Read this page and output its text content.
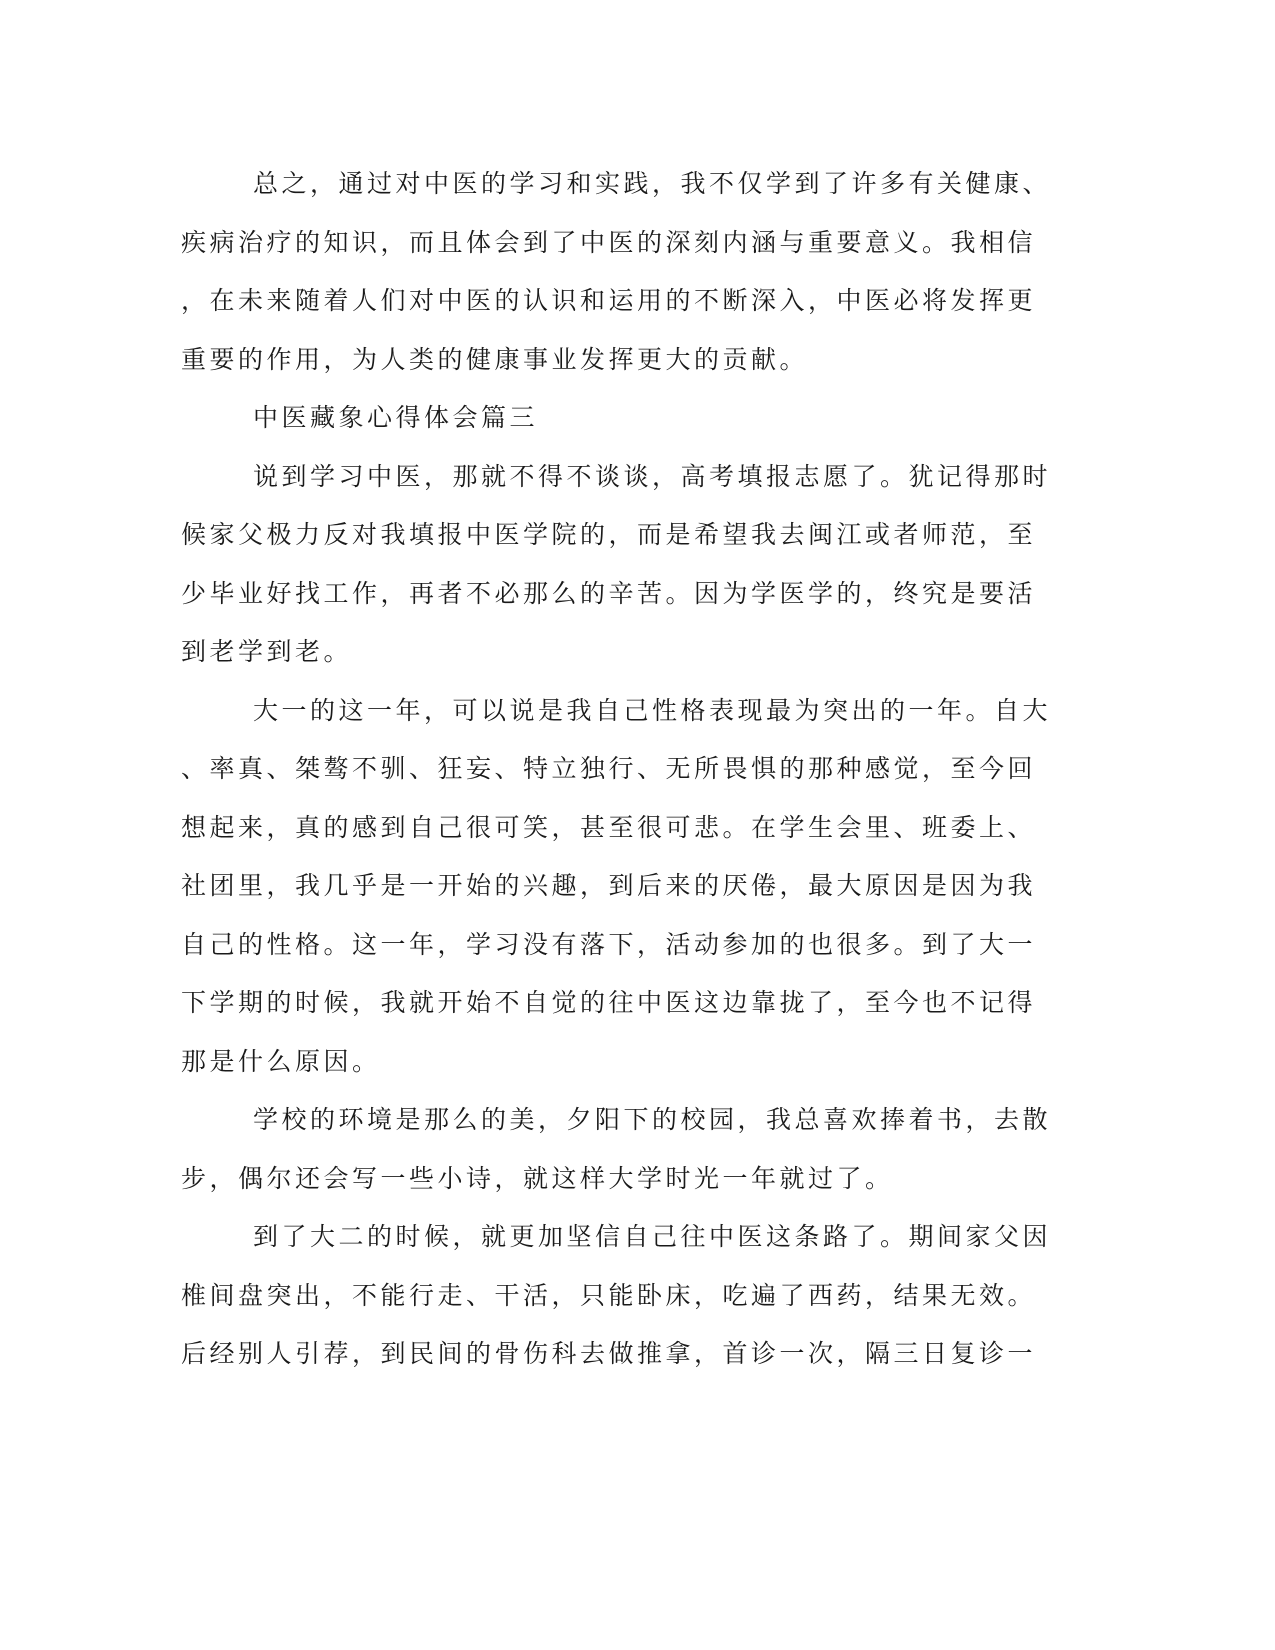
总之，通过对中医的学习和实践，我不仅学到了许多有关健康、
疾病治疗的知识，而且体会到了中医的深刻内涵与重要意义。我相信
，在未来随着人们对中医的认识和运用的不断深入，中医必将发挥更
重要的作用，为人类的健康事业发挥更大的贡献。

中医藏象心得体会篇三

说到学习中医，那就不得不谈谈，高考填报志愿了。犹记得那时
候家父极力反对我填报中医学院的，而是希望我去闽江或者师范，至
少毕业好找工作，再者不必那么的辛苦。因为学医学的，终究是要活
到老学到老。

大一的这一年，可以说是我自己性格表现最为突出的一年。自大
、率真、桀骜不驯、狂妄、特立独行、无所畏惧的那种感觉，至今回
想起来，真的感到自己很可笑，甚至很可悲。在学生会里、班委上、
社团里，我几乎是一开始的兴趣，到后来的厌倦，最大原因是因为我
自己的性格。这一年，学习没有落下，活动参加的也很多。到了大一
下学期的时候，我就开始不自觉的往中医这边靠拢了，至今也不记得
那是什么原因。

学校的环境是那么的美，夕阳下的校园，我总喜欢捧着书，去散
步，偶尔还会写一些小诗，就这样大学时光一年就过了。

到了大二的时候，就更加坚信自己往中医这条路了。期间家父因
椎间盘突出，不能行走、干活，只能卧床，吃遍了西药，结果无效。
后经别人引荐，到民间的骨伤科去做推拿，首诊一次，隔三日复诊一
